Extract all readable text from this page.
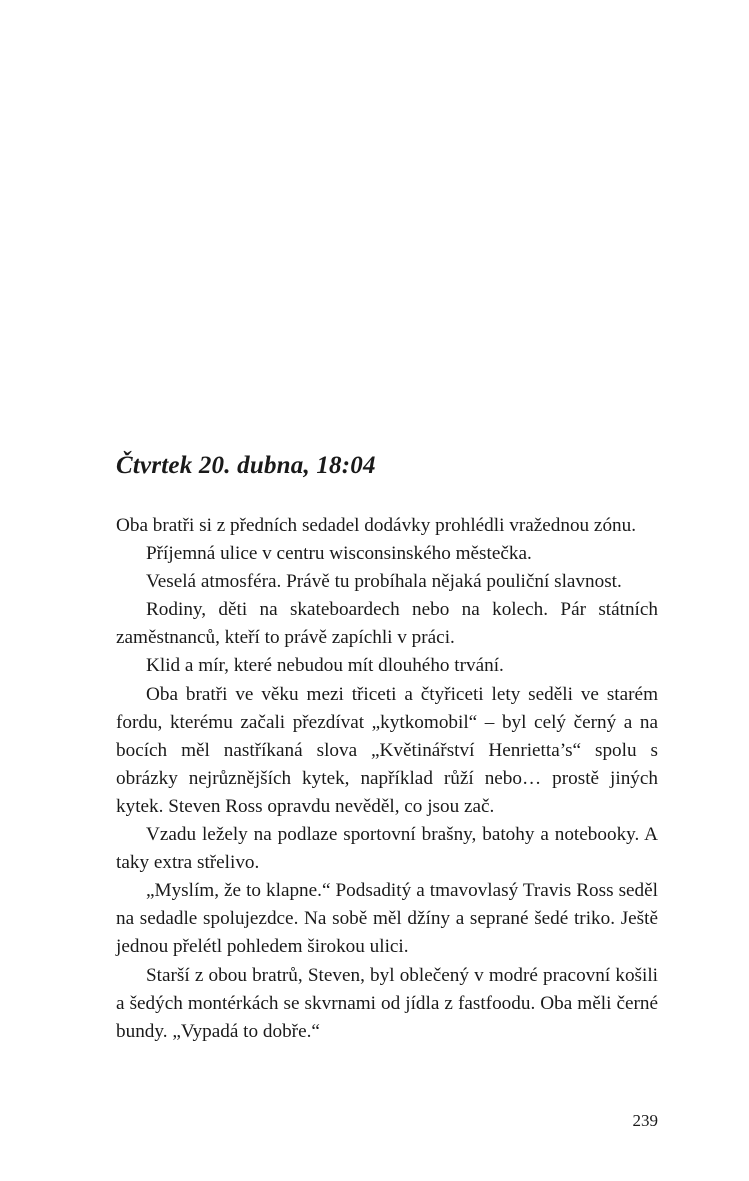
Čtvrtek 20. dubna, 18:04

Oba bratři si z předních sedadel dodávky prohlédli vražednou zónu.

Příjemná ulice v centru wisconsinského městečka.

Veselá atmosféra. Právě tu probíhala nějaká pouliční slavnost.

Rodiny, děti na skateboardech nebo na kolech. Pár státních zaměstnanců, kteří to právě zapíchli v práci.

Klid a mír, které nebudou mít dlouhého trvání.

Oba bratři ve věku mezi třiceti a čtyřiceti lety seděli ve starém fordu, kterému začali přezdívat „kytkomobil“ – byl celý černý a na bocích měl nastříkaná slova „Květinářství Henrietta’s“ spolu s obrázky nejrůznějších kytek, například růží nebo… prostě jiných kytek. Steven Ross opravdu nevěděl, co jsou zač.

Vzadu ležely na podlaze sportovní brašny, batohy a notebooky. A taky extra střelivo.

„Myslím, že to klapne.“ Podsaditý a tmavovlasý Travis Ross seděl na sedadle spolujezdce. Na sobě měl džíny a seprané šedé triko. Ještě jednou přelétl pohledem širokou ulici.

Starší z obou bratrů, Steven, byl oblečený v modré pracovní košili a šedých montérkách se skvrnami od jídla z fastfoodu. Oba měli černé bundy. „Vypadá to dobře.“

239
